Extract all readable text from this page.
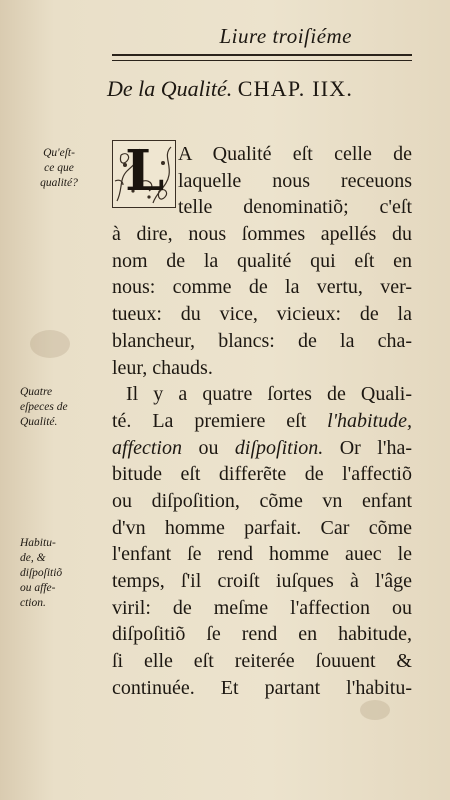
Liure troiſiéme
De la Qualité. CHAP. IIX.
Qu'eſt-
ce que
qualité?
Quatre
eſpeces de
Qualité.
Habitu-
de, &
diſpoſitiõ
ou affe-
ction.
A Qualité eſt celle de
laquelle nous receuons
telle denominatiõ; c'eſt
à dire, nous ſommes apellés du
nom de la qualité qui eſt en
nous: comme de la vertu, ver-
tueux: du vice, vicieux: de la
blancheur, blancs: de la cha-
leur, chauds.
Il y a quatre ſortes de Quali-
té. La premiere eſt l'habitude,
affection ou diſpoſition. Or l'ha-
bitude eſt differẽte de l'affectiõ
ou diſpoſition, cõme vn enfant
d'vn homme parfait. Car cõme
l'enfant ſe rend homme auec le
temps, ſ'il croiſt iuſques à l'âge
viril: de meſme l'affection ou
diſpoſitiõ ſe rend en habitude,
ſi elle eſt reiterée ſouuent &
continuée. Et partant l'habitu-
L
